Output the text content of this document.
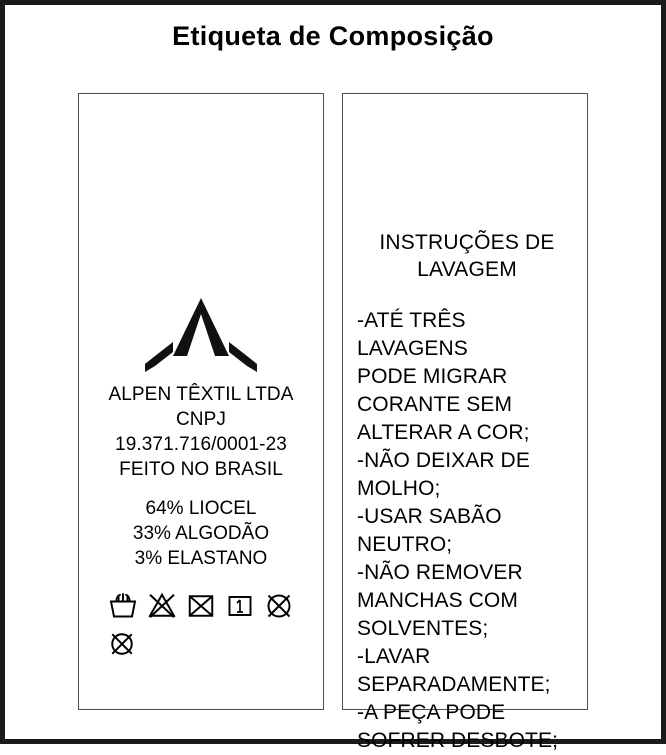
Etiqueta de Composição
ALPEN TÊXTIL LTDA
CNPJ
19.371.716/0001-23
FEITO NO BRASIL
64% LIOCEL
33% ALGODÃO
3% ELASTANO
INSTRUÇÕES DE
LAVAGEM

-ATÉ TRÊS LAVAGENS

PODE MIGRAR

CORANTE SEM

ALTERAR A COR;

-NÃO DEIXAR DE

MOLHO;

-USAR SABÃO

NEUTRO;

-NÃO REMOVER

MANCHAS COM

SOLVENTES;

-LAVAR

SEPARADAMENTE;

-A PEÇA PODE

SOFRER DESBOTE;
